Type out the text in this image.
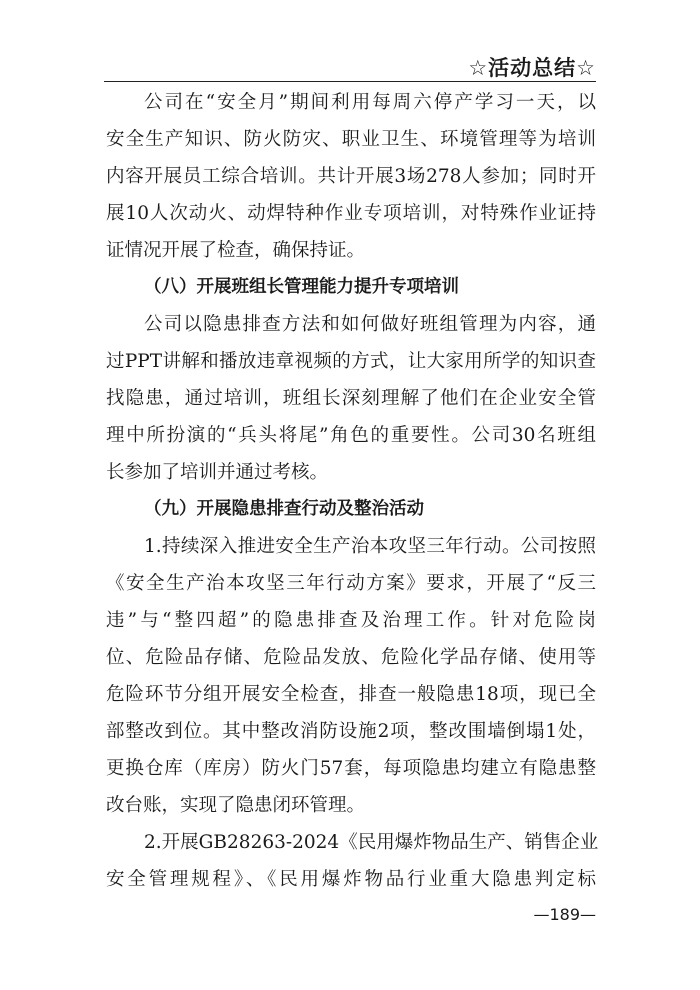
☆活动总结☆
公司在“安全月”期间利用每周六停产学习一天，以
安全生产知识、防火防灾、职业卫生、环境管理等为培训
内容开展员工综合培训。共计开展3场278人参加；同时开
展10人次动火、动焊特种作业专项培训，对特殊作业证持
证情况开展了检查，确保持证。
（八）开展班组长管理能力提升专项培训
公司以隐患排查方法和如何做好班组管理为内容，通
过PPT讲解和播放违章视频的方式，让大家用所学的知识查
找隐患，通过培训，班组长深刻理解了他们在企业安全管
理中所扮演的“兵头将尾”角色的重要性。公司30名班组
长参加了培训并通过考核。
（九）开展隐患排查行动及整治活动
1.持续深入推进安全生产治本攻坚三年行动。公司按照
《安全生产治本攻坚三年行动方案》要求，开展了“反三
违”与“整四超”的隐患排查及治理工作。针对危险岗
位、危险品存储、危险品发放、危险化学品存储、使用等
危险环节分组开展安全检查，排查一般隐患18项，现已全
部整改到位。其中整改消防设施2项，整改围墙倒塌1处，
更换仓库（库房）防火门57套，每项隐患均建立有隐患整
改台账，实现了隐患闭环管理。
2.开展GB28263-2024《民用爆炸物品生产、销售企业
安全管理规程》、《民用爆炸物品行业重大隐患判定标
—189—
